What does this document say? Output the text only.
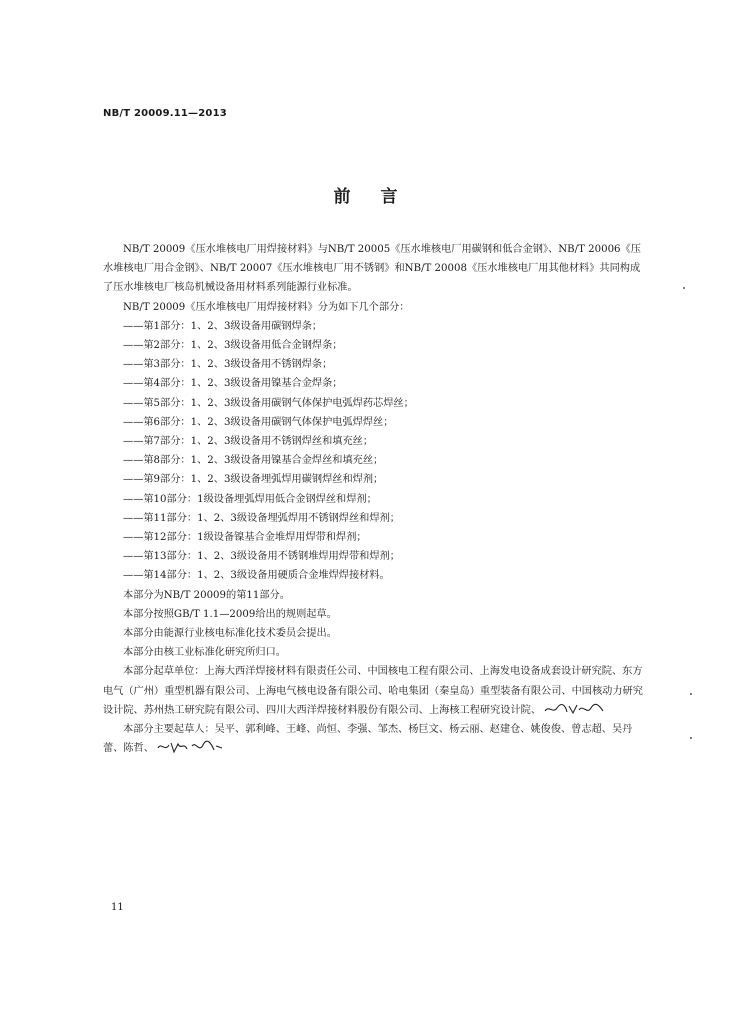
NB/T 20009.11—2013
前言

NB/T 20009《压水堆核电厂用焊接材料》与NB/T 20005《压水堆核电厂用碳钢和低合金钢》、NB/T 20006《压水堆核电厂用合金钢》、NB/T 20007《压水堆核电厂用不锈钢》和NB/T 20008《压水堆核电厂用其他材料》共同构成了压水堆核电厂核岛机械设备用材料系列能源行业标准。

NB/T 20009《压水堆核电厂用焊接材料》分为如下几个部分：

——第1部分：1、2、3级设备用碳钢焊条；

——第2部分：1、2、3级设备用低合金钢焊条；

——第3部分：1、2、3级设备用不锈钢焊条；

——第4部分：1、2、3级设备用镍基合金焊条；

——第5部分：1、2、3级设备用碳钢气体保护电弧焊药芯焊丝；

——第6部分：1、2、3级设备用碳钢气体保护电弧焊焊丝；

——第7部分：1、2、3级设备用不锈钢焊丝和填充丝；

——第8部分：1、2、3级设备用镍基合金焊丝和填充丝；

——第9部分：1、2、3级设备埋弧焊用碳钢焊丝和焊剂；

——第10部分：1级设备埋弧焊用低合金钢焊丝和焊剂；

——第11部分：1、2、3级设备埋弧焊用不锈钢焊丝和焊剂；

——第12部分：1级设备镍基合金堆焊用焊带和焊剂；

——第13部分：1、2、3级设备用不锈钢堆焊用焊带和焊剂；

——第14部分：1、2、3级设备用硬质合金堆焊焊接材料。

本部分为NB/T 20009的第11部分。

本部分按照GB/T 1.1—2009给出的规则起草。

本部分由能源行业核电标准化技术委员会提出。

本部分由核工业标准化研究所归口。

本部分起草单位：上海大西洋焊接材料有限责任公司、中国核电工程有限公司、上海发电设备成套设计研究院、东方电气（广州）重型机器有限公司、上海电气核电设备有限公司、哈电集团（秦皇岛）重型装备有限公司、中国核动力研究设计院、苏州热工研究院有限公司、四川大西洋焊接材料股份有限公司、上海核工程研究设计院、

本部分主要起草人：吴平、郭利峰、王峰、尚恒、李强、邹杰、杨巨文、杨云丽、赵建仓、姚俊俊、曾志超、吴丹蕾、陈哲、

11
